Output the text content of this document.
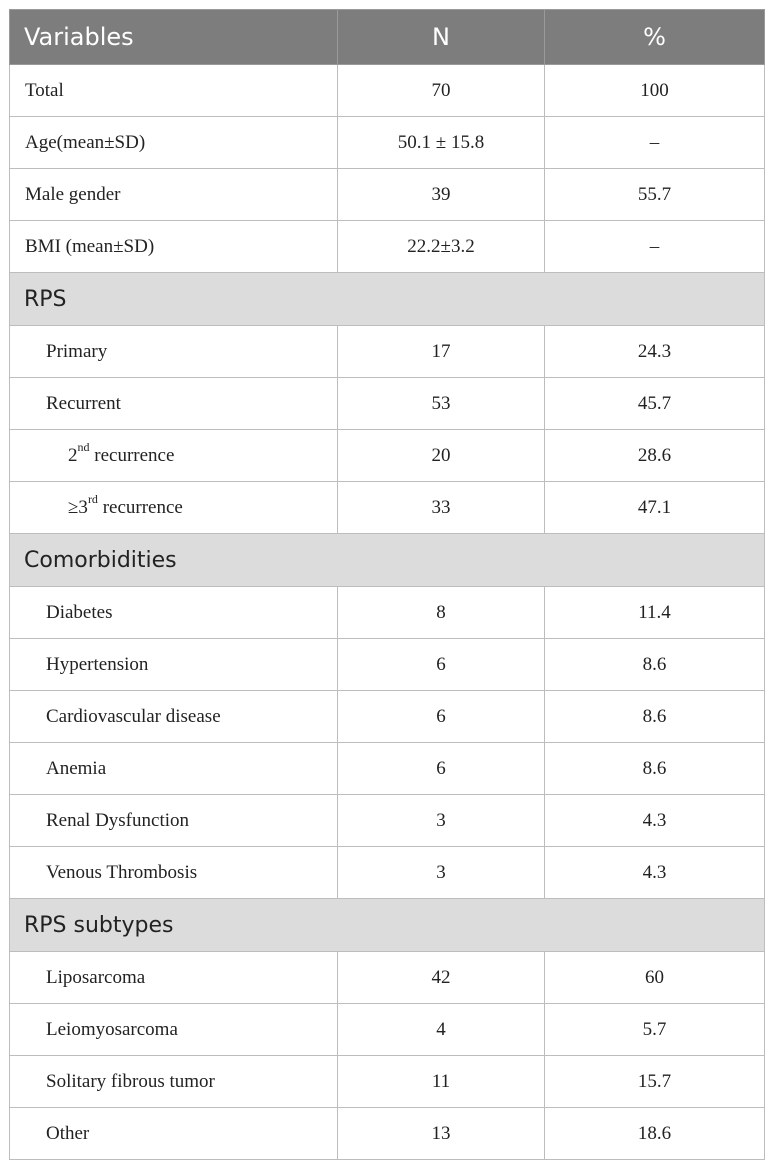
Variables	N	%
Total	70	100
Age(mean±SD)	50.1 ± 15.8	–
Male gender	39	55.7
BMI (mean±SD)	22.2±3.2	–
RPS		
Primary	17	24.3
Recurrent	53	45.7
2nd recurrence	20	28.6
≥3rd recurrence	33	47.1
Comorbidities		
Diabetes	8	11.4
Hypertension	6	8.6
Cardiovascular disease	6	8.6
Anemia	6	8.6
Renal Dysfunction	3	4.3
Venous Thrombosis	3	4.3
RPS subtypes		
Liposarcoma	42	60
Leiomyosarcoma	4	5.7
Solitary fibrous tumor	11	15.7
Other	13	18.6
